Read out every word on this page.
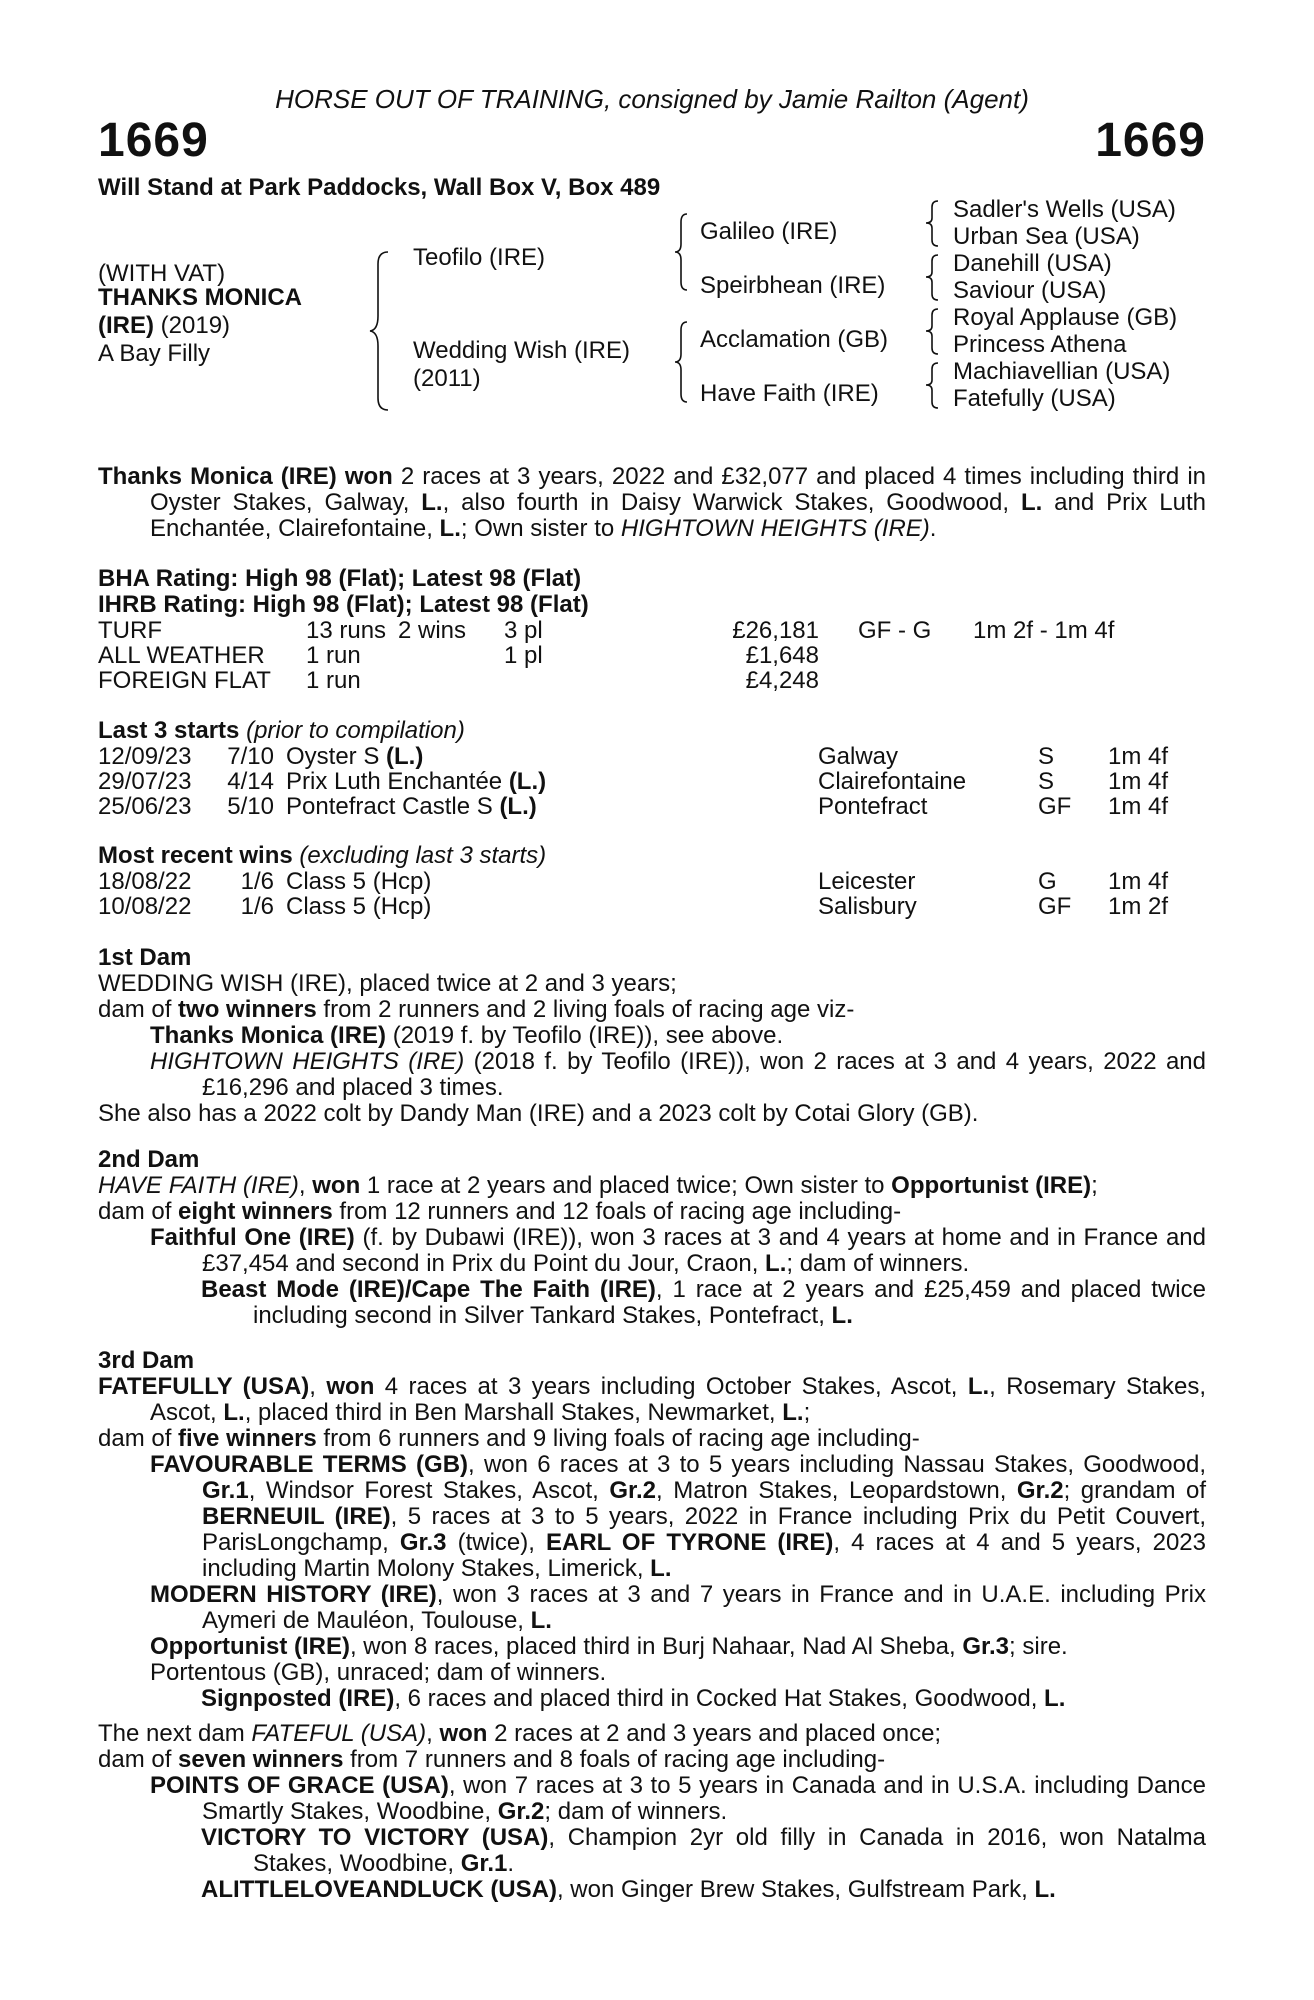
HORSE OUT OF TRAINING, consigned by Jamie Railton (Agent)
1669	1669
Will Stand at Park Paddocks, Wall Box V, Box 489
(WITH VAT)
THANKS MONICA
(IRE) (2019)
A Bay Filly
Teofilo (IRE)
Wedding Wish (IRE)
(2011)
Galileo (IRE)
Speirbhean (IRE)
Acclamation (GB)
Have Faith (IRE)
Sadler's Wells (USA)
Urban Sea (USA)
Danehill (USA)
Saviour (USA)
Royal Applause (GB)
Princess Athena
Machiavellian (USA)
Fatefully (USA)

Thanks Monica (IRE) won 2 races at 3 years, 2022 and £32,077 and placed 4 times including third in Oyster Stakes, Galway, L., also fourth in Daisy Warwick Stakes, Goodwood, L. and Prix Luth Enchantée, Clairefontaine, L.; Own sister to HIGHTOWN HEIGHTS (IRE).

BHA Rating: High 98 (Flat); Latest 98 (Flat)

IHRB Rating: High 98 (Flat); Latest 98 (Flat)

TURF	13 runs 2 wins 3 pl	£26,181 GF - G 1m 2f - 1m 4f
ALL WEATHER 1 run	1 pl	£1,648
FOREIGN FLAT 1 run	£4,248

Last 3 starts (prior to compilation)

12/09/23 7/10 Oyster S (L.)	Galway	S 1m 4f
29/07/23 4/14 Prix Luth Enchantée (L.)	Clairefontaine	S 1m 4f
25/06/23 5/10 Pontefract Castle S (L.)	Pontefract	GF 1m 4f

Most recent wins (excluding last 3 starts)

18/08/22 1/6 Class 5 (Hcp)	Leicester	G 1m 4f
10/08/22 1/6 Class 5 (Hcp)	Salisbury	GF 1m 2f

1st Dam

WEDDING WISH (IRE), placed twice at 2 and 3 years;

dam of two winners from 2 runners and 2 living foals of racing age viz-

Thanks Monica (IRE) (2019 f. by Teofilo (IRE)), see above.

HIGHTOWN HEIGHTS (IRE) (2018 f. by Teofilo (IRE)), won 2 races at 3 and 4 years, 2022 and £16,296 and placed 3 times.

She also has a 2022 colt by Dandy Man (IRE) and a 2023 colt by Cotai Glory (GB).

2nd Dam

HAVE FAITH (IRE), won 1 race at 2 years and placed twice; Own sister to Opportunist (IRE);

dam of eight winners from 12 runners and 12 foals of racing age including-

Faithful One (IRE) (f. by Dubawi (IRE)), won 3 races at 3 and 4 years at home and in France and £37,454 and second in Prix du Point du Jour, Craon, L.; dam of winners.

Beast Mode (IRE)/Cape The Faith (IRE), 1 race at 2 years and £25,459 and placed twice including second in Silver Tankard Stakes, Pontefract, L.

3rd Dam

FATEFULLY (USA), won 4 races at 3 years including October Stakes, Ascot, L., Rosemary Stakes, Ascot, L., placed third in Ben Marshall Stakes, Newmarket, L.;

dam of five winners from 6 runners and 9 living foals of racing age including-

FAVOURABLE TERMS (GB), won 6 races at 3 to 5 years including Nassau Stakes, Goodwood, Gr.1, Windsor Forest Stakes, Ascot, Gr.2, Matron Stakes, Leopardstown, Gr.2; grandam of BERNEUIL (IRE), 5 races at 3 to 5 years, 2022 in France including Prix du Petit Couvert, ParisLongchamp, Gr.3 (twice), EARL OF TYRONE (IRE), 4 races at 4 and 5 years, 2023 including Martin Molony Stakes, Limerick, L.

MODERN HISTORY (IRE), won 3 races at 3 and 7 years in France and in U.A.E. including Prix Aymeri de Mauléon, Toulouse, L.

Opportunist (IRE), won 8 races, placed third in Burj Nahaar, Nad Al Sheba, Gr.3; sire.

Portentous (GB), unraced; dam of winners.

Signposted (IRE), 6 races and placed third in Cocked Hat Stakes, Goodwood, L.

The next dam FATEFUL (USA), won 2 races at 2 and 3 years and placed once;

dam of seven winners from 7 runners and 8 foals of racing age including-

POINTS OF GRACE (USA), won 7 races at 3 to 5 years in Canada and in U.S.A. including Dance Smartly Stakes, Woodbine, Gr.2; dam of winners.

VICTORY TO VICTORY (USA), Champion 2yr old filly in Canada in 2016, won Natalma Stakes, Woodbine, Gr.1.

ALITTLELOVEANDLUCK (USA), won Ginger Brew Stakes, Gulfstream Park, L.
